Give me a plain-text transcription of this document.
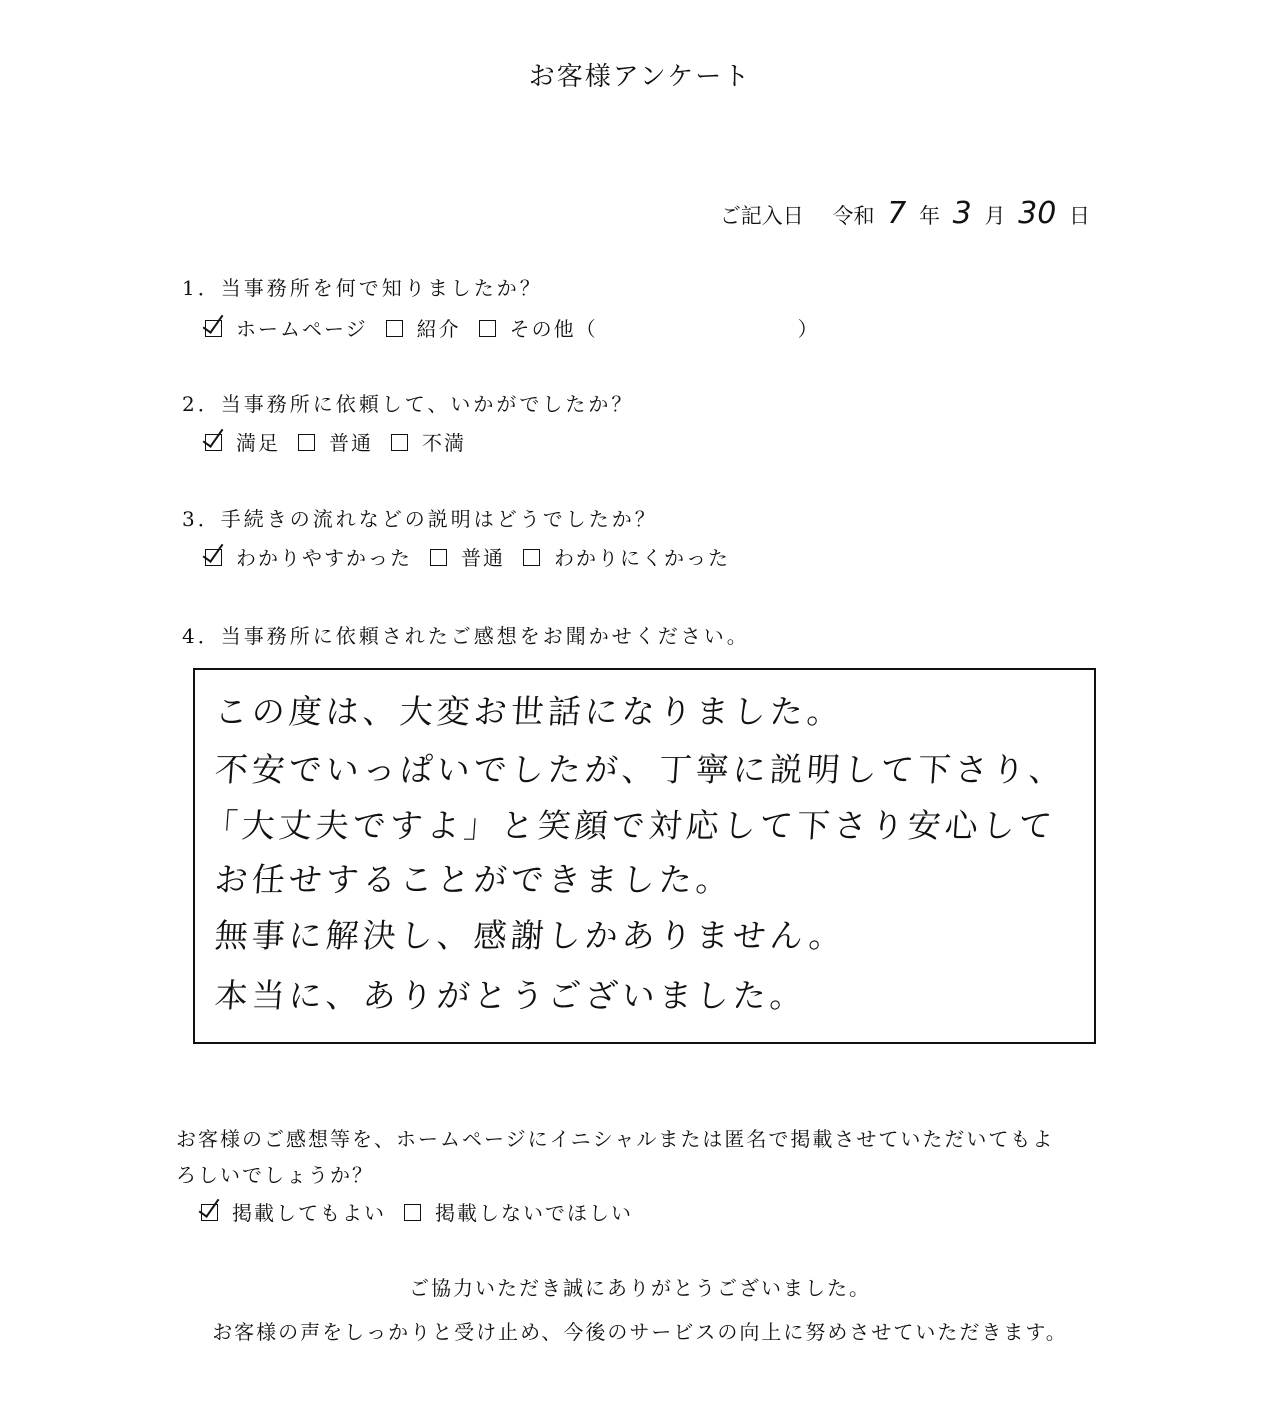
お客様アンケート
ご記入日 令和 7 年 3 月 30 日
1．当事務所を何で知りましたか？
ホームページ 紹介 その他（	）
2．当事務所に依頼して、いかがでしたか？
満足 普通 不満
3．手続きの流れなどの説明はどうでしたか？
わかりやすかった 普通 わかりにくかった
4．当事務所に依頼されたご感想をお聞かせください。
この度は、大変お世話になりました。
不安でいっぱいでしたが、丁寧に説明して下さり、
「大丈夫ですよ」と笑顔で対応して下さり安心して
お任せすることができました。
無事に解決し、感謝しかありません。
本当に、ありがとうございました。
お客様のご感想等を、ホームページにイニシャルまたは匿名で掲載させていただいてもよ
ろしいでしょうか？
掲載してもよい 掲載しないでほしい
ご協力いただき誠にありがとうございました。
お客様の声をしっかりと受け止め、今後のサービスの向上に努めさせていただきます。
